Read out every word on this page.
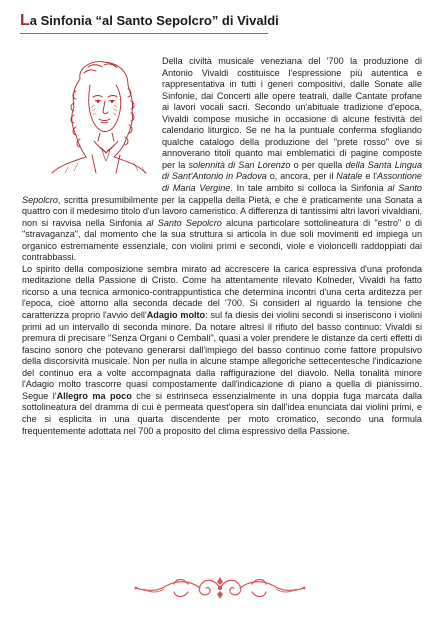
La Sinfonia “al Santo Sepolcro” di Vivaldi

Della civiltà musicale veneziana del '700 la produzione di Antonio Vivaldi costituisce l'espressione più autentica e rappresentativa in tutti i generi compositivi, dalle Sonate alle Sinfonie, dai Concerti alle opere teatrali, dalle Cantate profane ai lavori vocali sacri. Secondo un'abituale tradizione d'epoca, Vivaldi compose musiche in occasione di alcune festività del calendario liturgico. Se ne ha la puntuale conferma sfogliando qualche catalogo della produzione del "prete rosso" ove si annoverano titoli quanto mai emblematici di pagine composte per la solennità di San Lorenzo o per quella della Santa Lingua di Sant'Antonio in Padova o, ancora, per il Natale e l'Assontione di Maria Vergine. In tale ambito si colloca la Sinfonia al Santo Sepolcro, scritta presumibilmente per la cappella della Pietà, e che è praticamente una Sonata a quattro con il medesimo titolo d'un lavoro cameristico. A differenza di tantissimi altri lavori vivaldiani, non si ravvisa nella Sinfonia al Santo Sepolcro alcuna particolare sottolineatura di "estro" o di "stravaganza", dal momento che la sua struttura si articola in due soli movimenti ed impiega un organico estremamente essenziale, con violini primi e secondi, viole e violoncelli raddoppiati dai contrabbassi.

Lo spirito della composizione sembra mirato ad accrescere la carica espressiva d'una profonda meditazione della Passione di Cristo. Come ha attentamente rilevato Kolneder, Vivaldi ha fatto ricorso a una tecnica armonico-contrappuntistica che determina incontri d'una certa arditezza per l'epoca, cioè attorno alla seconda decade del '700. Si consideri al riguardo la tensione che caratterizza proprio l'avvio dell'Adagio molto: sul fa diesis dei violini secondi si inseriscono i violini primi ad un intervallo di seconda minore. Da notare altresì il rifiuto del basso continuo: Vivaldi si premura di precisare "Senza Organi o Cembali", quasi a voler prendere le distanze da certi effetti di fascino sonoro che potevano generarsi dall'impiego del basso continuo come fattore propulsivo della discorsività musicale. Non per nulla in alcune stampe allegoriche settecentesche l'indicazione del continuo era a volte accompagnata dalla raffigurazione del diavolo. Nella tonalità minore l'Adagio molto trascorre quasi compostamente dall'indicazione di piano a quella di pianissimo. Segue l'Allegro ma poco che si estrinseca essenzialmente in una doppia fuga marcata dalla sottolineatura del dramma di cui è permeata quest'opera sin dall'idea enunciata dai violini primi, e che si esplicita in una quarta discendente per moto cromatico, secondo una formula frequentemente adottata nel 700 a proposito del clima espressivo della Passione.
